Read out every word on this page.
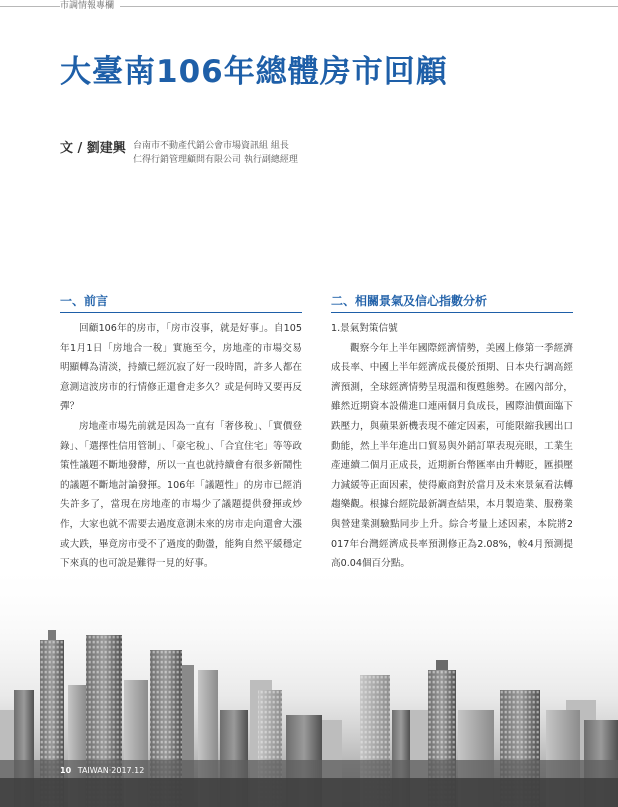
市調情報專欄
大臺南106年總體房市回顧
文 / 劉建興 台南市不動產代銷公會市場資訊組 組長
仁得行銷管理顧問有限公司 執行副總經理
一、前言

回顧106年的房市，「房市沒事，就是好事」。自105年1月1日「房地合一稅」實施至今，房地產的市場交易明顯轉為清淡，持續已經沉寂了好一段時間，許多人都在意測這波房市的行情修正還會走多久？或是何時又要再反彈？

房地產市場先前就是因為一直有「奢侈稅」、「實價登錄」、「選擇性信用管制」、「豪宅稅」、「合宜住宅」等等政策性議題不斷地發酵，所以一直也就持續會有很多新鬧性的議題不斷地討論發揮。106年「議題性」的房市已經消失許多了，當現在房地產的市場少了議題提供發揮或炒作，大家也就不需要去過度意測未來的房市走向還會大漲或大跌，畢竟房市受不了過度的動盪，能夠自然平緩穩定

二、相關景氣及信心指數分析

1.景氣對策信號

觀察今年上半年國際經濟情勢，美國上修第一季經濟成長率、中國上半年經濟成長優於預期、日本央行調高經濟預測，全球經濟情勢呈現溫和復甦態勢。在國內部分，雖然近期資本設備進口連兩個月負成長，國際油價面臨下跌壓力，與蘋果新機表現不確定因素，可能限縮我國出口動能，然上半年進出口貿易與外銷訂單表現亮眼，工業生產連續二個月正成長，近期新台幣匯率由升轉貶，匯損壓力減緩等正面因素，使得廠商對於當月及未來景氣看法轉趨樂觀。根據台經院最新調查結果，本月製造業、服務業與營建業測驗點同步上升。綜合考量上述因素，本院將2017年台灣經濟成長率預測修正為2.08%，較4月預測提

10 TAIWAN·2017.12
